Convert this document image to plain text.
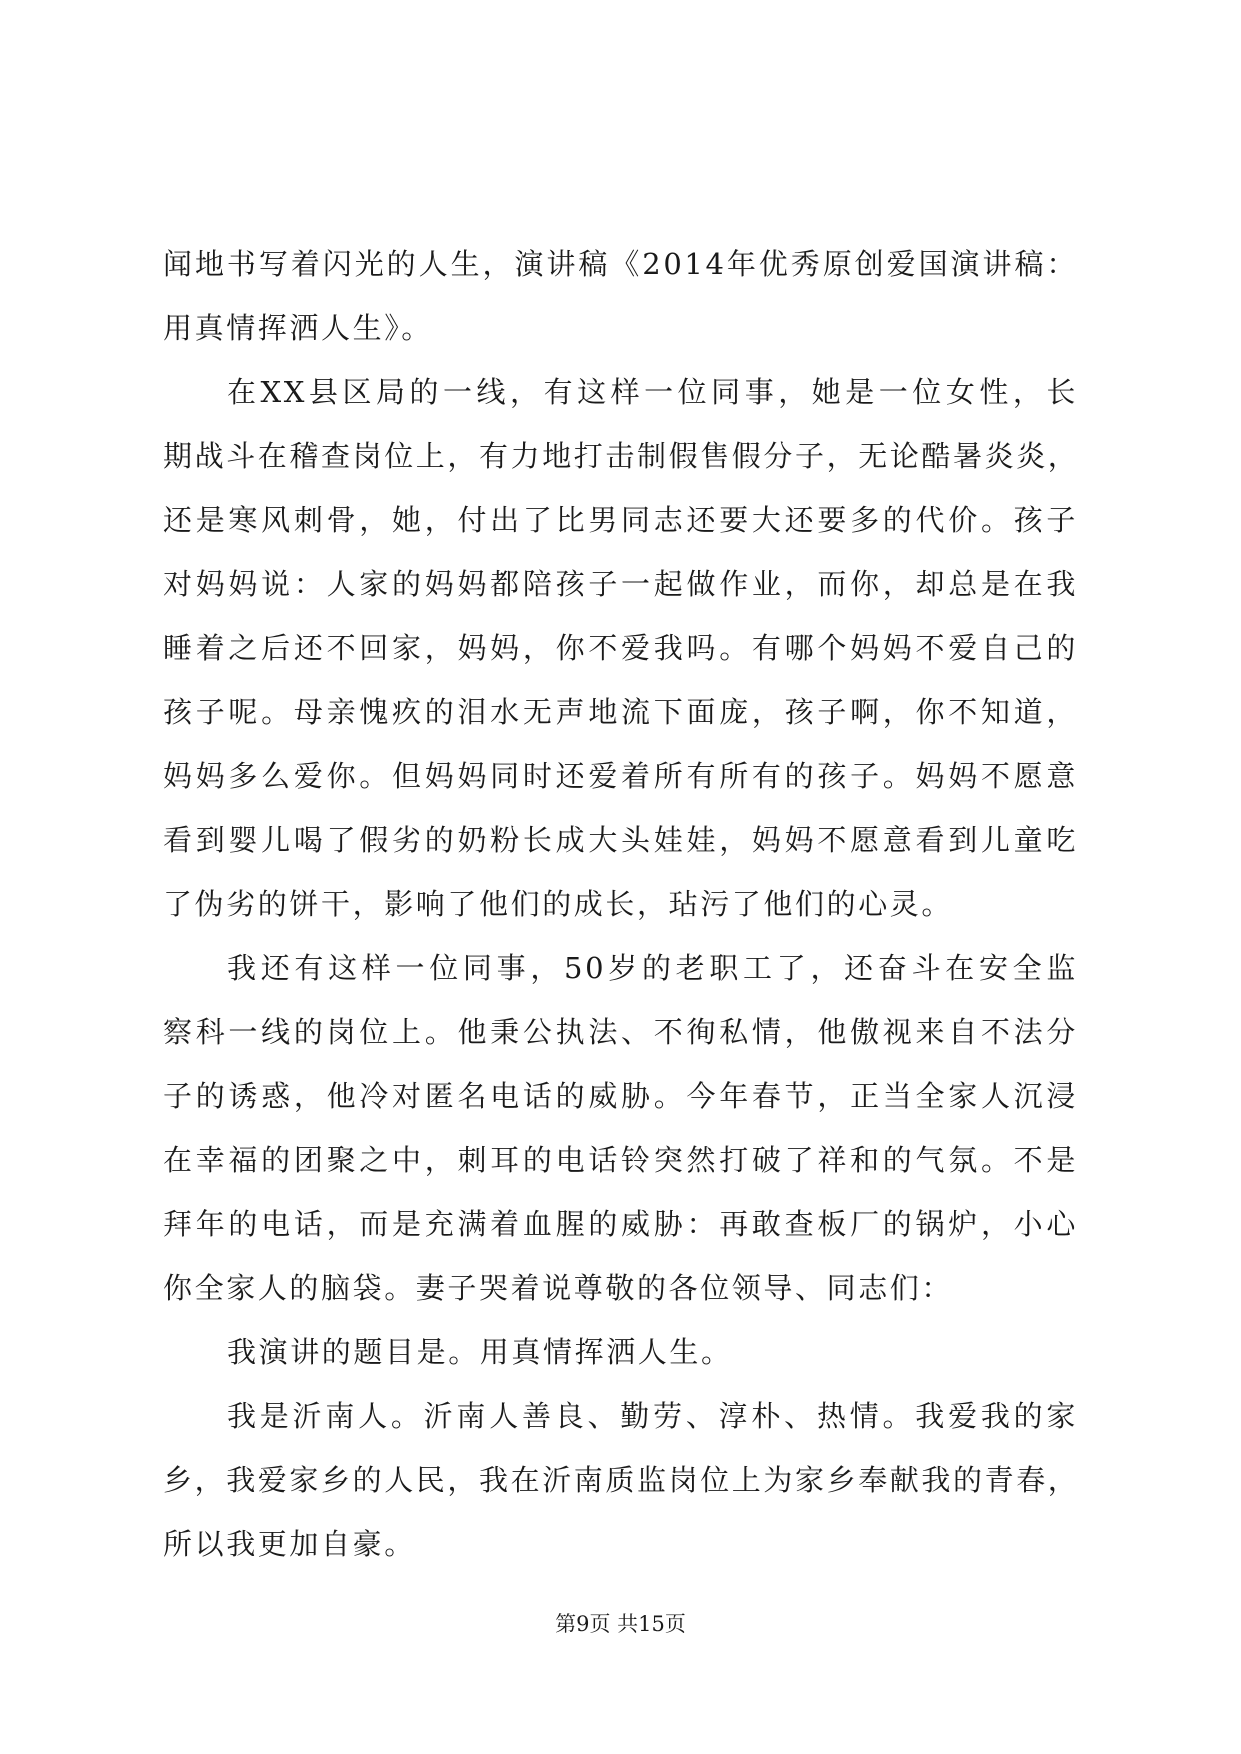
闻地书写着闪光的人生，演讲稿《2014年优秀原创爱国演讲稿：
用真情挥洒人生》。
在XX县区局的一线，有这样一位同事，她是一位女性，长
期战斗在稽查岗位上，有力地打击制假售假分子，无论酷暑炎炎，
还是寒风刺骨，她，付出了比男同志还要大还要多的代价。孩子
对妈妈说：人家的妈妈都陪孩子一起做作业，而你，却总是在我
睡着之后还不回家，妈妈，你不爱我吗。有哪个妈妈不爱自己的
孩子呢。母亲愧疚的泪水无声地流下面庞，孩子啊，你不知道，
妈妈多么爱你。但妈妈同时还爱着所有所有的孩子。妈妈不愿意
看到婴儿喝了假劣的奶粉长成大头娃娃，妈妈不愿意看到儿童吃
了伪劣的饼干，影响了他们的成长，玷污了他们的心灵。
我还有这样一位同事，50岁的老职工了，还奋斗在安全监
察科一线的岗位上。他秉公执法、不徇私情，他傲视来自不法分
子的诱惑，他冷对匿名电话的威胁。今年春节，正当全家人沉浸
在幸福的团聚之中，刺耳的电话铃突然打破了祥和的气氛。不是
拜年的电话，而是充满着血腥的威胁：再敢查板厂的锅炉，小心
你全家人的脑袋。妻子哭着说尊敬的各位领导、同志们：
我演讲的题目是。用真情挥洒人生。
我是沂南人。沂南人善良、勤劳、淳朴、热情。我爱我的家
乡，我爱家乡的人民，我在沂南质监岗位上为家乡奉献我的青春，
所以我更加自豪。
第9页 共15页
